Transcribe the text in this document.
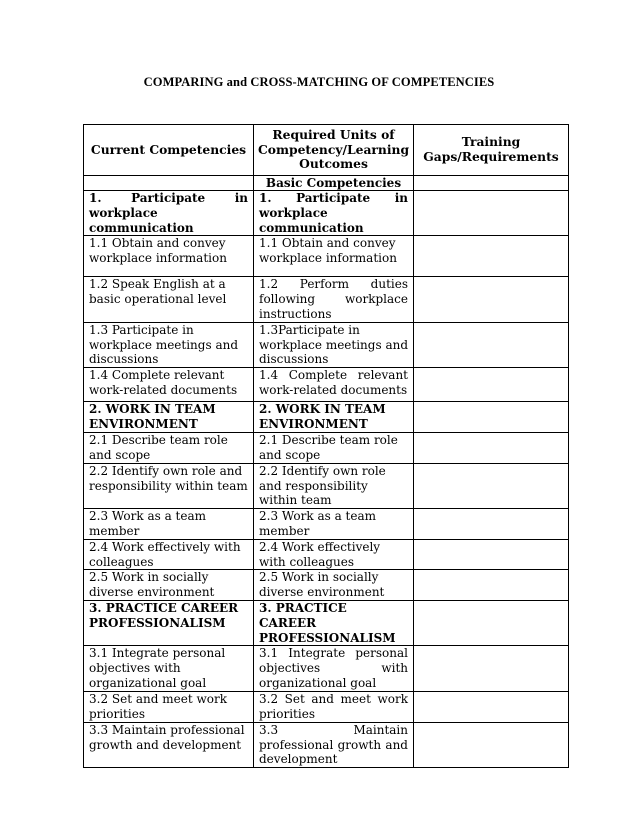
COMPARING and CROSS-MATCHING OF COMPETENCIES
Current Competencies	Required Units of Competency/Learning Outcomes	Training Gaps/Requirements
	Basic Competencies	
1. Participate in workplace communication	1. Participate in workplace communication	
1.1 Obtain and convey workplace information	1.1 Obtain and convey workplace information	
1.2 Speak English at a basic operational level	1.2 Perform duties following workplace instructions	
1.3 Participate in workplace meetings and discussions	1.3Participate in workplace meetings and discussions	
1.4 Complete relevant work-related documents	1.4 Complete relevant work-related documents	
2. WORK IN TEAM ENVIRONMENT	2. WORK IN TEAM ENVIRONMENT	
2.1 Describe team role and scope	2.1 Describe team role and scope	
2.2 Identify own role and responsibility within team	2.2 Identify own role and responsibility within team	
2.3 Work as a team member	2.3 Work as a team member	
2.4 Work effectively with colleagues	2.4 Work effectively with colleagues	
2.5 Work in socially diverse environment	2.5 Work in socially diverse environment	
3. PRACTICE CAREER PROFESSIONALISM	3. PRACTICE CAREER PROFESSIONALISM	
3.1 Integrate personal objectives with organizational goal	3.1 Integrate personal objectives with organizational goal	
3.2 Set and meet work priorities	3.2 Set and meet work priorities	
3.3 Maintain professional growth and development	3.3 Maintain professional growth and development	
